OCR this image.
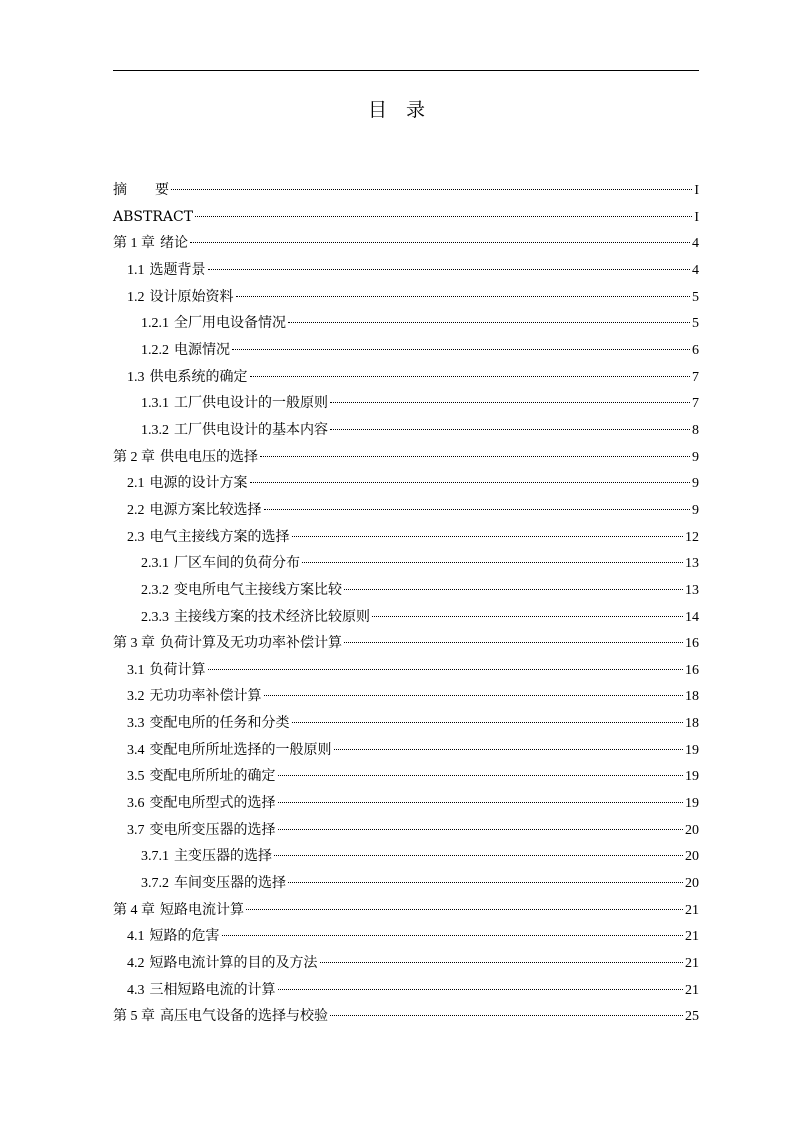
目 录
摘　　要	I
ABSTRACT	I
第 1 章 绪论	4
1.1 选题背景	4
1.2 设计原始资料	5
1.2.1 全厂用电设备情况	5
1.2.2 电源情况	6
1.3 供电系统的确定	7
1.3.1 工厂供电设计的一般原则	7
1.3.2 工厂供电设计的基本内容	8
第 2 章 供电电压的选择	9
2.1 电源的设计方案	9
2.2 电源方案比较选择	9
2.3 电气主接线方案的选择	12
2.3.1 厂区车间的负荷分布	13
2.3.2 变电所电气主接线方案比较	13
2.3.3 主接线方案的技术经济比较原则	14
第 3 章 负荷计算及无功功率补偿计算	16
3.1 负荷计算	16
3.2 无功功率补偿计算	18
3.3 变配电所的任务和分类	18
3.4 变配电所所址选择的一般原则	19
3.5 变配电所所址的确定	19
3.6 变配电所型式的选择	19
3.7 变电所变压器的选择	20
3.7.1 主变压器的选择	20
3.7.2 车间变压器的选择	20
第 4 章 短路电流计算	21
4.1 短路的危害	21
4.2 短路电流计算的目的及方法	21
4.3 三相短路电流的计算	21
第 5 章 高压电气设备的选择与校验	25
